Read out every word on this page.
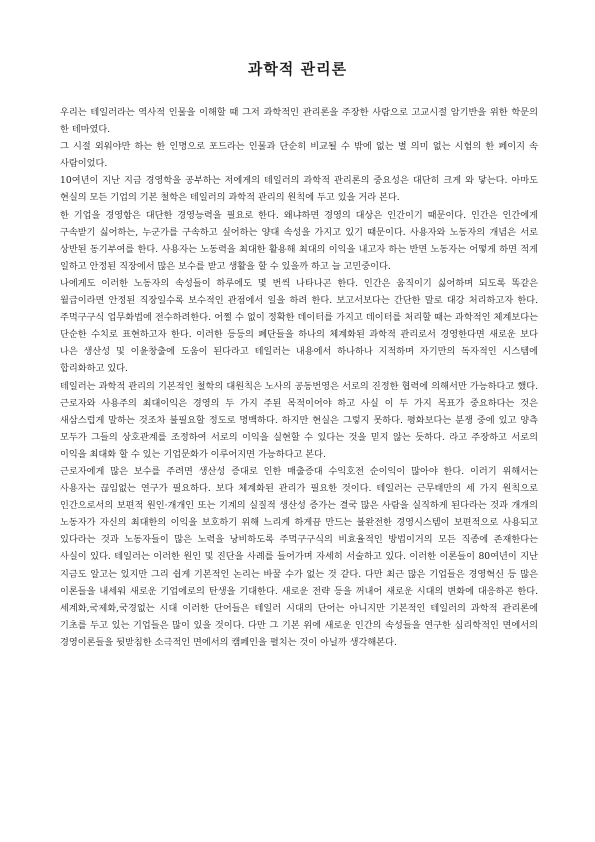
과학적 관리론

우리는 테일러라는 역사적 인물을 이해할 때 그저 과학적인 관리론을 주장한 사람으로 고교시절 암기반을 위한 학문의 한 테마였다.

그 시절 외워야만 하는 한 인명으로 포드라는 인물과 단순히 비교될 수 밖에 없는 별 의미 없는 시험의 한 페이지 속 사람이었다.

10여년이 지난 지금 경영학을 공부하는 저에게의 테일러의 과학적 관리론의 중요성은 대단히 크게 와 닿는다. 아마도 현실의 모든 기업의 기본 철학은 테일러의 과학적 관리의 원칙에 두고 있을 거라 본다.

한 기업을 경영함은 대단한 경영능력을 필요로 한다. 왜냐하면 경영의 대상은 인간이기 때문이다. 인간은 인간에게 구속받기 싫어하는, 누군가를 구속하고 싶어하는 양대 속성을 가지고 있기 때문이다. 사용자와 노동자의 개념은 서로 상반된 동기부여를 한다. 사용자는 노동력을 최대한 활용해 최대의 이익을 내고자 하는 반면 노동자는 어떻게 하면 적게 일하고 안정된 직장에서 많은 보수를 받고 생활을 할 수 있을까 하고 늘 고민중이다.

나에게도 이러한 노동자의 속성들이 하루에도 몇 번씩 나타나곤 한다. 인간은 움직이기 싫어하며 되도록 똑같은 월급이라면 안정된 직장일수록 보수적인 관점에서 일을 하려 한다. 보고서보다는 간단한 말로 대강 처리하고자 한다. 주먹구구식 업무화법에 전수하려한다. 어쩔 수 없이 정확한 데이터를 가지고 데이터를 처리할 때는 과학적인 체계보다는 단순한 수치로 표현하고자 한다. 이러한 등등의 폐단들을 하나의 체계화된 과학적 관리로서 경영한다면 새로운 보다 나은 생산성 및 이윤창출에 도움이 된다라고 테일러는 내용에서 하나하나 지적하며 자기만의 독자적인 시스템에 합리화하고 있다.

테일러는 과학적 관리의 기본적인 철학의 대원칙은 노사의 공동번영은 서로의 진정한 협력에 의해서만 가능하다고 했다. 근로자와 사용주의 최대이익은 경영의 두 가지 주된 목적이어야 하고 사실 이 두 가지 목표가 중요하다는 것은 새삼스럽게 말하는 것조차 불필요할 정도로 명백하다. 하지만 현실은 그렇지 못하다. 평화보다는 분쟁 중에 있고 양측 모두가 그들의 상호관계를 조정하여 서로의 이익을 실현할 수 있다는 것을 믿지 않는 듯하다. 라고 주장하고 서로의 이익을 최대화 할 수 있는 기업문화가 이루어지면 가능하다고 본다.

근로자에게 많은 보수를 주려면 생산성 증대로 인한 매출증대 수익호전 순이익이 많아야 한다. 이러기 위해서는 사용자는 끊임없는 연구가 필요하다. 보다 체계화된 관리가 필요한 것이다. 테일러는 근무태만의 세 가지 원칙으로 인간으로서의 보편적 원인·개개인 또는 기계의 실질적 생산성 증가는 결국 많은 사람을 실직하게 된다라는 것과 개개의 노동자가 자신의 최대한의 이익을 보호하기 위해 느리게 하게끔 만드는 불완전한 경영시스템이 보편적으로 사용되고 있다라는 것과 노동자들이 많은 노력을 낭비하도록 주먹구구식의 비효율적인 방법이거의 모든 직종에 존재한다는 사실이 있다. 테일러는 이러한 원인 및 진단을 사례를 들어가며 자세히 서술하고 있다. 이러한 이론들이 80여년이 지난 지금도 알고는 있지만 그리 쉽게 기본적인 논리는 바꿀 수가 없는 것 같다. 다만 최근 많은 기업들은 경영혁신 등 많은 이론들을 내세워 새로운 기업에로의 탄생을 기대한다. 새로운 전략 등을 꺼내어 새로운 시대의 변화에 대응하곤 한다. 세계화,국제화,국경없는 시대 이러한 단어들은 테일러 시대의 단어는 아니지만 기본적인 테일러의 과학적 관리론에 기초를 두고 있는 기업들은 많이 있을 것이다. 다만 그 기본 위에 새로운 인간의 속성들을 연구한 심리학적인 면에서의 경영이론들을 뒷받침한 소극적인 면에서의 캠페인을 펼치는 것이 아닐까 생각해본다.
